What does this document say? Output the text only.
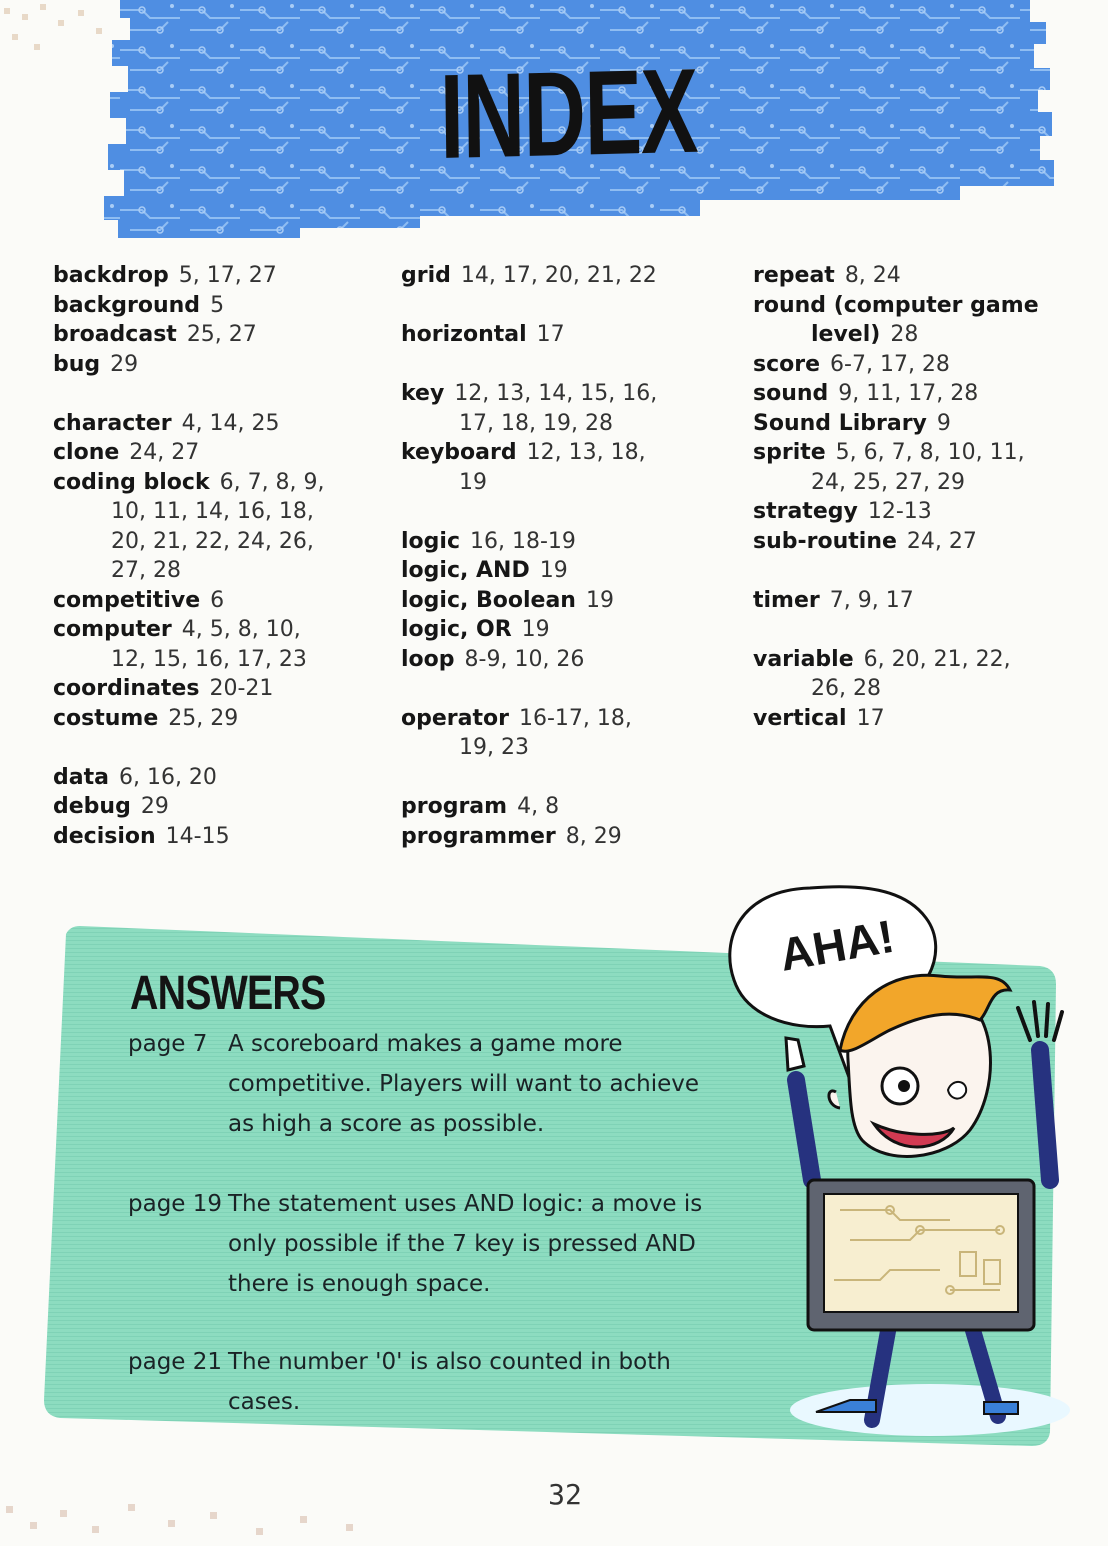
INDEX
backdrop 5, 17, 27
background 5
broadcast 25, 27
bug 29
character 4, 14, 25
clone 24, 27
coding block 6, 7, 8, 9,
10, 11, 14, 16, 18,
20, 21, 22, 24, 26,
27, 28
competitive 6
computer 4, 5, 8, 10,
12, 15, 16, 17, 23
coordinates 20-21
costume 25, 29
data 6, 16, 20
debug 29
decision 14-15
grid 14, 17, 20, 21, 22
horizontal 17
key 12, 13, 14, 15, 16,
17, 18, 19, 28
keyboard 12, 13, 18,
19
logic 16, 18-19
logic, AND 19
logic, Boolean 19
logic, OR 19
loop 8-9, 10, 26
operator 16-17, 18,
19, 23
program 4, 8
programmer 8, 29
repeat 8, 24
round (computer game
level) 28
score 6-7, 17, 28
sound 9, 11, 17, 28
Sound Library 9
sprite 5, 6, 7, 8, 10, 11,
24, 25, 27, 29
strategy 12-13
sub-routine 24, 27
timer 7, 9, 17
variable 6, 20, 21, 22,
26, 28
vertical 17
ANSWERS
page 7 A scoreboard makes a game more competitive. Players will want to achieve as high a score as possible.
page 19 The statement uses AND logic: a move is only possible if the 7 key is pressed AND there is enough space.
page 21 The number '0' is also counted in both cases.
AHA!
32
